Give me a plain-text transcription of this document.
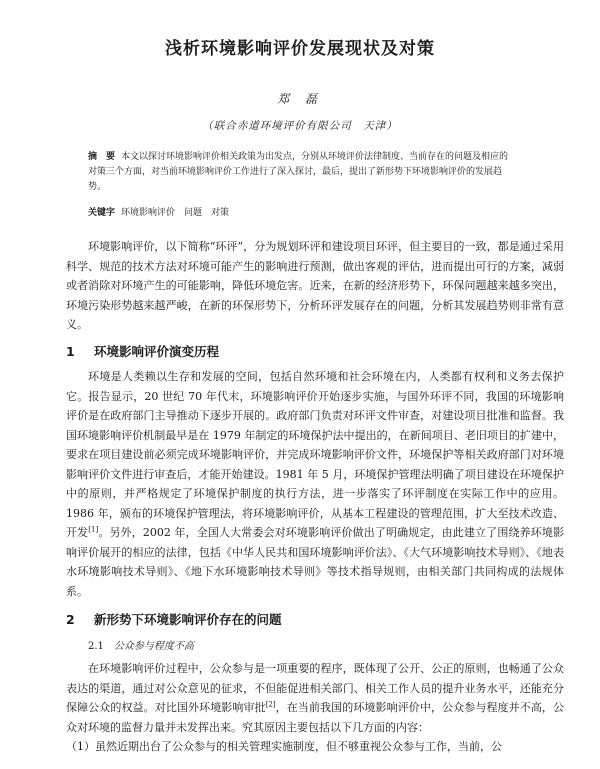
浅析环境影响评价发展现状及对策
郑 磊
（联合赤道环境评价有限公司　天津）
摘　要 本文以探讨环境影响评价相关政策为出发点，分别从环境评价法律制度、当前存在的问题及相应的对策三个方面，对当前环境影响评价工作进行了深入探讨，最后，提出了新形势下环境影响评价的发展趋势。
关键字 环境影响评价　问题　对策

环境影响评价，以下简称“环评”，分为规划环评和建设项目环评，但主要目的一致，都是通过采用科学、规范的技术方法对环境可能产生的影响进行预测，做出客观的评估，进而提出可行的方案，减弱或者消除对环境产生的可能影响，降低环境危害。近来，在新的经济形势下，环保问题越来越多突出，环境污染形势越来越严峻，在新的环保形势下，分析环评发展存在的问题，分析其发展趋势则非常有意义。

1 环境影响评价演变历程

环境是人类赖以生存和发展的空间，包括自然环境和社会环境在内，人类都有权利和义务去保护它。报告显示，20 世纪 70 年代末，环境影响评价开始逐步实施，与国外环评不同，我国的环境影响评价是在政府部门主导推动下逐步开展的。政府部门负责对环评文件审查，对建设项目批准和监督。我国环境影响评价机制最早是在 1979 年制定的环境保护法中提出的，在新间项目、老旧项目的扩建中，要求在项目建设前必须完成环境影响评价，并完成环境影响评价文件，环境保护等相关政府部门对环境影响评价文件进行审查后，才能开始建设。1981 年 5 月，环境保护管理法明确了项目建设在环境保护中的原则，并严格规定了环境保护制度的执行方法，进一步落实了环评制度在实际工作中的应用。1986 年，颁布的环境保护管理法，将环境影响评价，从基本工程建设的管理范围，扩大至技术改造、开发[1]。另外，2002 年，全国人大常委会对环境影响评价做出了明确规定，由此建立了围绕养环境影响评价展开的相应的法律，包括《中华人民共和国环境影响评价法》、《大气环境影响技术导则》、《地表水环境影响技术导则》、《地下水环境影响技术导则》等技术指导规则，由相关部门共同构成的法规体系。

2 新形势下环境影响评价存在的问题
2.1 公众参与程度不高

在环境影响评价过程中，公众参与是一项重要的程序，既体现了公开、公正的原则，也畅通了公众表达的渠道，通过对公众意见的征求，不但能促进相关部门、相关工作人员的提升业务水平，还能充分保障公众的权益。对比国外环境影响审批[2]，在当前我国的环境影响评价中，公众参与程度并不高，公众对环境的监督力量并未发挥出来。究其原因主要包括以下几方面的内容：
（1）虽然近期出台了公众参与的相关管理实施制度，但不够重视公众参与工作，当前，公
